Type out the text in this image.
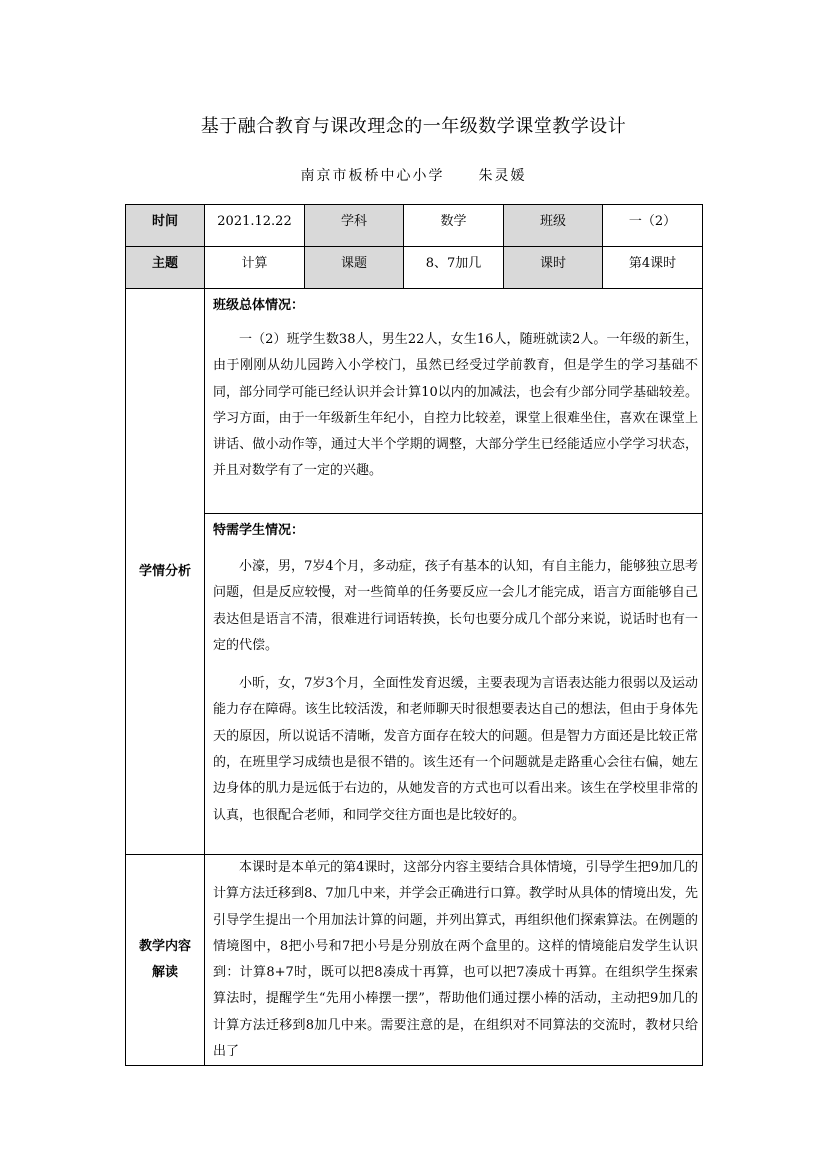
基于融合教育与课改理念的一年级数学课堂教学设计
南京市板桥中心小学 朱灵媛
时间	2021.12.22	学科	数学	班级	一（2）
主题	计算	课题	8、7加几	课时	第4课时
学情分析	班级总体情况：

一（2）班学生数38人，男生22人，女生16人，随班就读2人。一年级的新生，由于刚刚从幼儿园跨入小学校门，虽然已经受过学前教育，但是学生的学习基础不同，部分同学可能已经认识并会计算10以内的加减法，也会有少部分同学基础较差。学习方面，由于一年级新生年纪小，自控力比较差，课堂上很难坐住，喜欢在课堂上讲话、做小动作等，通过大半个学期的调整，大部分学生已经能适应小学学习状态，并且对数学有了一定的兴趣。				

	特需学生情况：

小濠，男，7岁4个月，多动症，孩子有基本的认知，有自主能力，能够独立思考问题，但是反应较慢，对一些简单的任务要反应一会儿才能完成，语言方面能够自己表达但是语言不清，很难进行词语转换，长句也要分成几个部分来说，说话时也有一定的代偿。

小昕，女，7岁3个月，全面性发育迟缓，主要表现为言语表达能力很弱以及运动能力存在障碍。该生比较活泼，和老师聊天时很想要表达自己的想法，但由于身体先天的原因，所以说话不清晰，发音方面存在较大的问题。但是智力方面还是比较正常的，在班里学习成绩也是很不错的。该生还有一个问题就是走路重心会往右偏，她左边身体的肌力是远低于右边的，从她发音的方式也可以看出来。该生在学校里非常的认真，也很配合老师，和同学交往方面也是比较好的。				

教学内容
解读	本课时是本单元的第4课时，这部分内容主要结合具体情境，引导学生把9加几的计算方法迁移到8、7加几中来，并学会正确进行口算。教学时从具体的情境出发，先引导学生提出一个用加法计算的问题，并列出算式，再组织他们探索算法。在例题的情境图中，8把小号和7把小号是分别放在两个盒里的。这样的情境能启发学生认识到：计算8+7时，既可以把8凑成十再算，也可以把7凑成十再算。在组织学生探索算法时，提醒学生“先用小棒摆一摆”，帮助他们通过摆小棒的活动，主动把9加几的计算方法迁移到8加几中来。需要注意的是，在组织对不同算法的交流时，教材只给出了				
